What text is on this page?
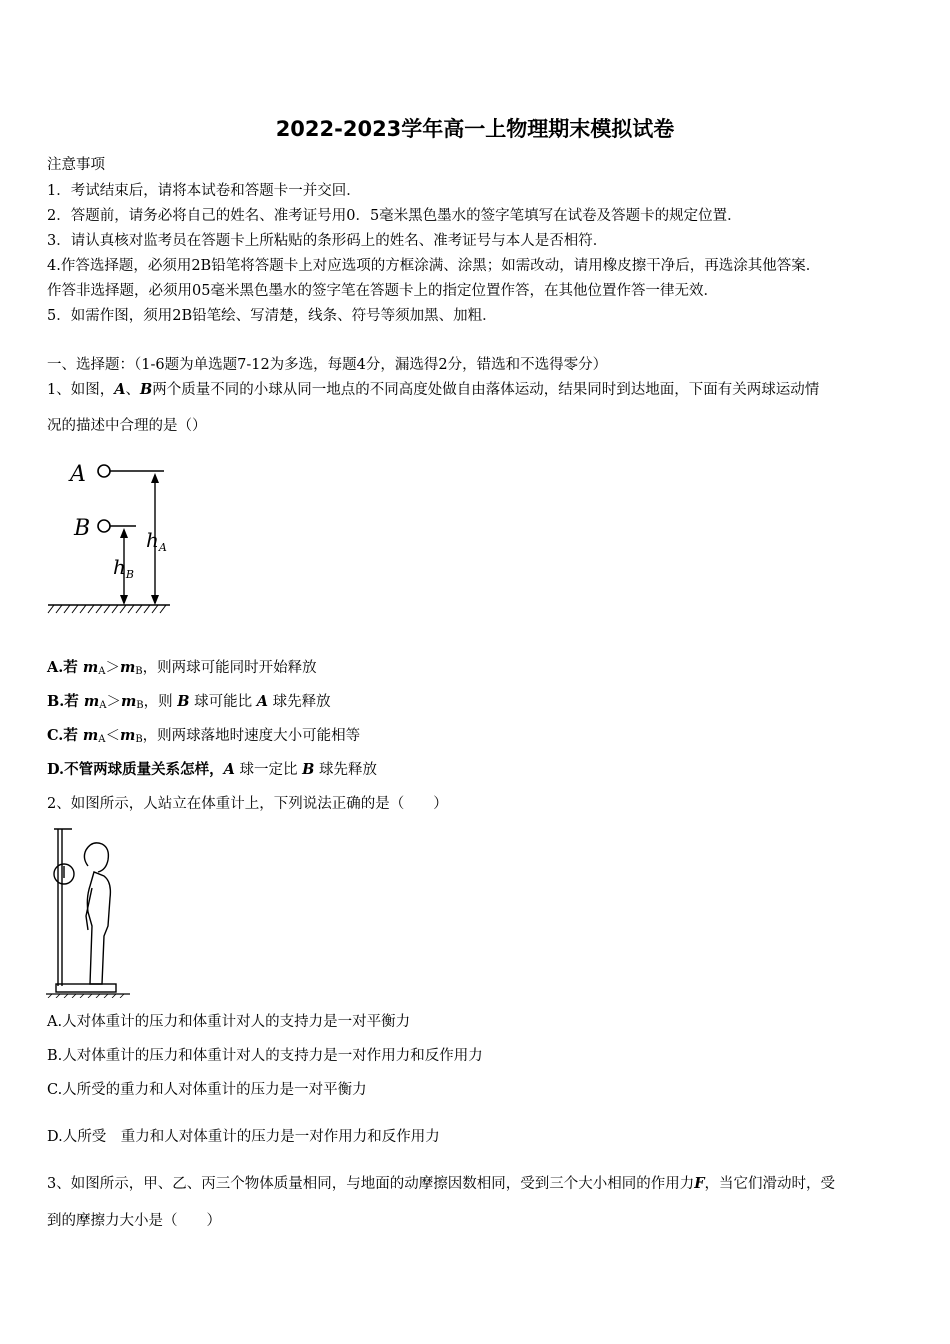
2022-2023学年高一上物理期末模拟试卷
注意事项
1．考试结束后，请将本试卷和答题卡一并交回．
2．答题前，请务必将自己的姓名、准考证号用0．5毫米黑色墨水的签字笔填写在试卷及答题卡的规定位置．
3．请认真核对监考员在答题卡上所粘贴的条形码上的姓名、准考证号与本人是否相符．
4.作答选择题，必须用2B铅笔将答题卡上对应选项的方框涂满、涂黑；如需改动，请用橡皮擦干净后，再选涂其他答案．
作答非选择题，必须用05毫米黑色墨水的签字笔在答题卡上的指定位置作答，在其他位置作答一律无效．
5．如需作图，须用2B铅笔绘、写清楚，线条、符号等须加黑、加粗．
一、选择题：（1-6题为单选题7-12为多选，每题4分，漏选得2分，错选和不选得零分）
1、如图，A、B两个质量不同的小球从同一地点的不同高度处做自由落体运动，结果同时到达地面，下面有关两球运动情
况的描述中合理的是（）
A
B	$h_A$
$h_B$
A.若 $m_A>m_B$，则两球可能同时开始释放
B.若 $m_A>m_B$，则 B 球可能比 A 球先释放
C.若 $m_A<m_B$，则两球落地时速度大小可能相等
D.不管两球质量关系怎样，A 球一定比 B 球先释放
2、如图所示，人站立在体重计上，下列说法正确的是（　　）
A.人对体重计的压力和体重计对人的支持力是一对平衡力
B.人对体重计的压力和体重计对人的支持力是一对作用力和反作用力
C.人所受的重力和人对体重计的压力是一对平衡力
D.人所受　重力和人对体重计的压力是一对作用力和反作用力
3、如图所示，甲、乙、丙三个物体质量相同，与地面的动摩擦因数相同，受到三个大小相同的作用力F，当它们滑动时，受
到的摩擦力大小是（　　）
